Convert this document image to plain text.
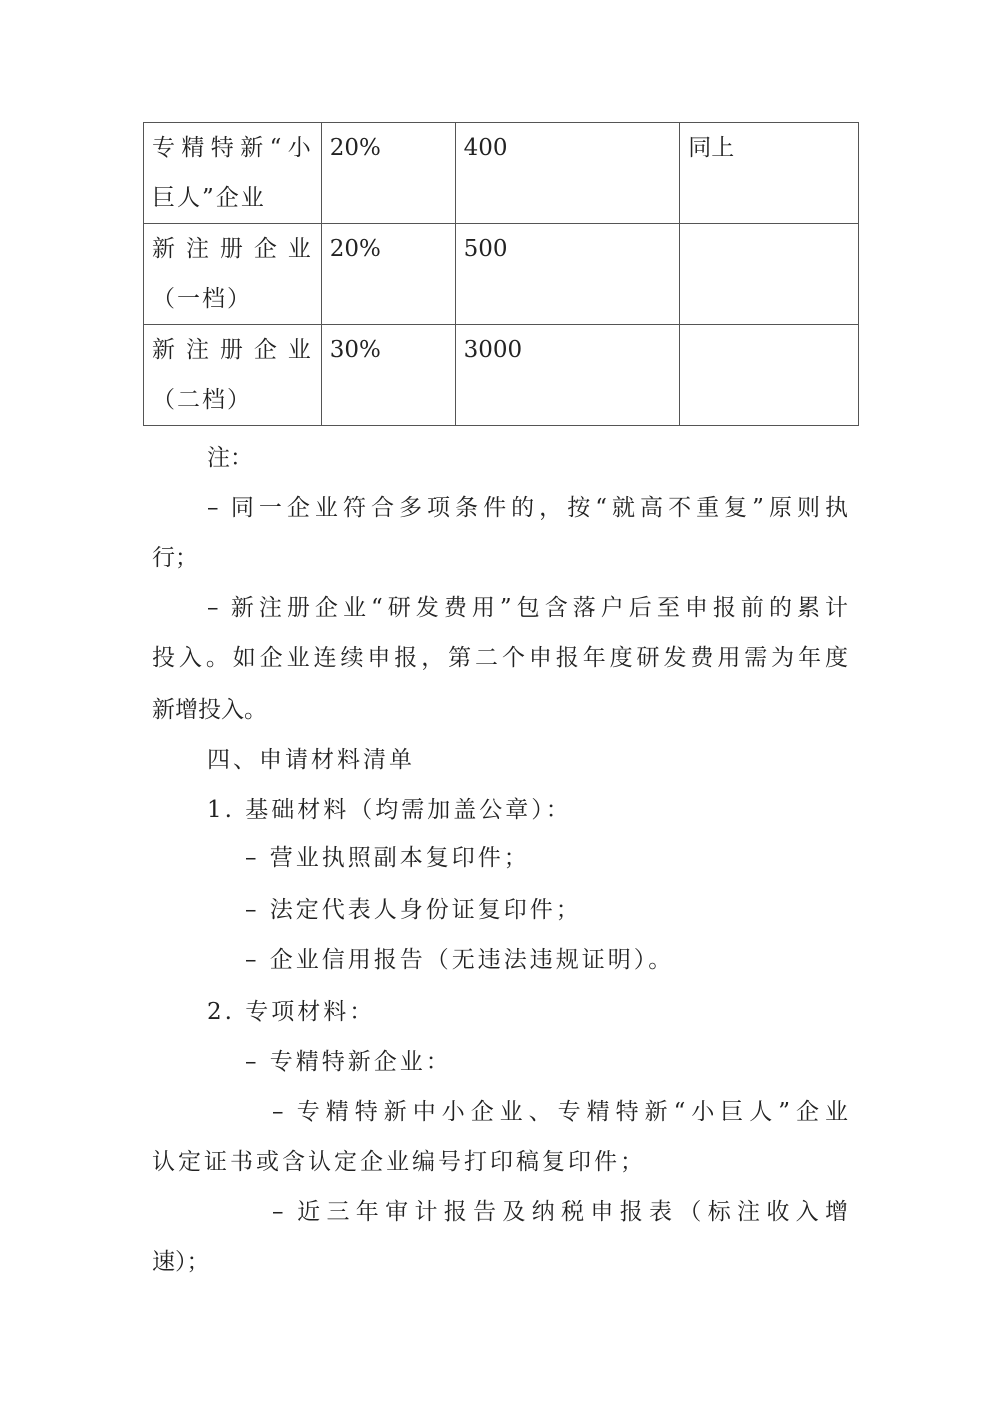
专精特新“小
巨人”企业	20%	400	同上

新注册企业
（一档）	20%	500	

新注册企业
（二档）	30%	3000	
注：
– 同一企业符合多项条件的，按“就高不重复”原则执
行；
– 新注册企业“研发费用”包含落户后至申报前的累计
投入。如企业连续申报，第二个申报年度研发费用需为年度
新增投入。
四、申请材料清单
1. 基础材料（均需加盖公章）：
– 营业执照副本复印件；
– 法定代表人身份证复印件；
– 企业信用报告（无违法违规证明）。
2. 专项材料：
– 专精特新企业：
– 专精特新中小企业、专精特新“小巨人”企业
认定证书或含认定企业编号打印稿复印件；
– 近三年审计报告及纳税申报表（标注收入增
速）；
